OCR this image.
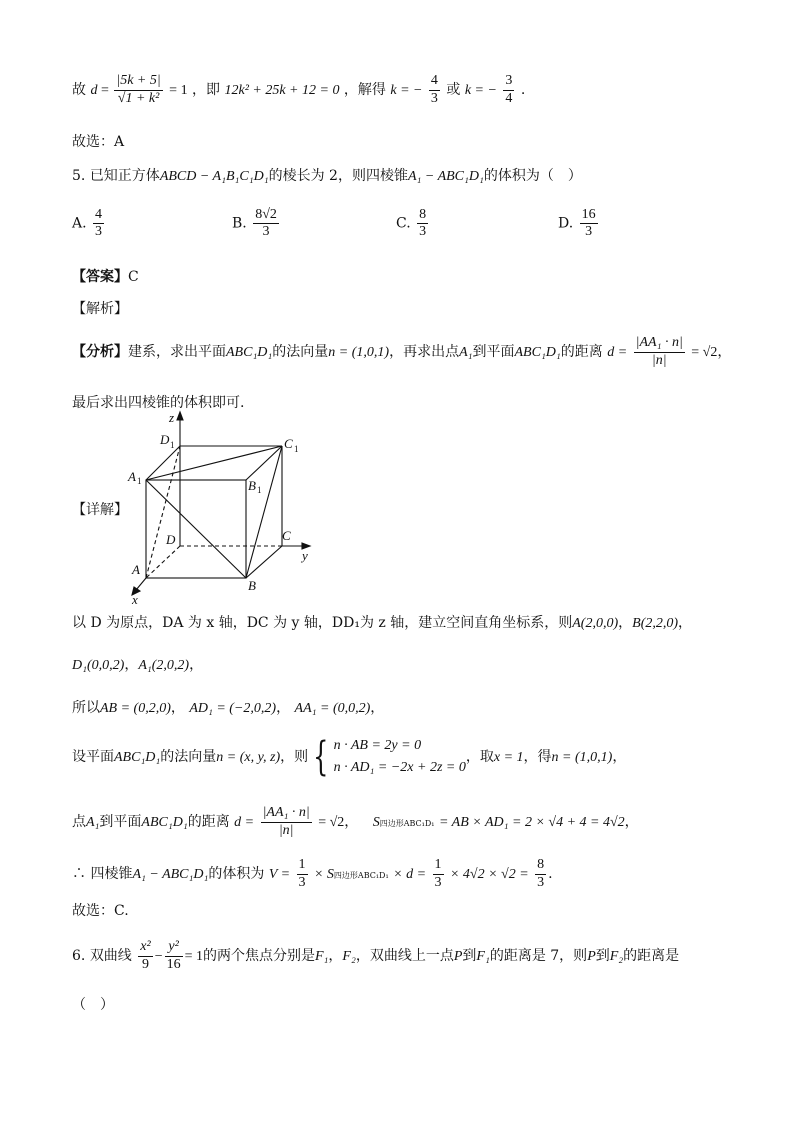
故 $d = \frac{|5k + 5|}{\text{√1 + k²}} = 1$ ，即 12k² + 25k + 12 = 0 ，解得 k = − $\frac{4}{3}$ 或 k = − $\frac{3}{4}$ .
故选：A
5. 已知正方体ABCD − A₁B₁C₁D₁的棱长为 2，则四棱锥A₁ − ABC₁D₁的体积为（　）
A. $\frac{4}{3}$	B. $\frac{8√2}{3}$	C. $\frac{8}{3}$	D. $\frac{16}{3}$
【答案】C
【解析】
【分析】建系，求出平面ABC₁D₁的法向量n = (1,0,1)，再求出点A₁到平面ABC₁D₁的距离 $d = \frac{\text{|AA₁ · n|}}{|n|} = √2$，
最后求出四棱锥的体积即可.
【详解】
z
y
x
D 1	C 1
A 1	B 1
D	C
A
B
以 D 为原点，DA 为 x 轴，DC 为 y 轴，DD₁为 z 轴，建立空间直角坐标系，则A(2,0,0)，B(2,2,0)，
D₁(0,0,2)，A₁(2,0,2)，
所以AB = (0,2,0)， AD₁ = (−2,0,2)， AA₁ = (0,0,2)，
设平面ABC₁D₁的法向量n = (x, y, z)，则 { n · AB = 2y = 0
n · AD₁ = −2x + 2z = 0，取x = 1，得n = (1,0,1)，
点A₁到平面ABC₁D₁的距离 $d = \frac{\text{|AA₁ · n|}}{|n|} = √2$， S四边形ABC₁D₁ = AB × AD₁ = 2 × √4 + 4 = 4√2，
∴ 四棱锥A₁ − ABC₁D₁的体积为 $V = \frac{1}{3} \times S$四边形$ABC_1D_1 \times d = \frac{1}{3} \times 4√2 \times √2 = \frac{8}{3}$ .
故选：C.
6. 双曲线 $\frac{\text{x²}}{9} - \frac{\text{y²}}{16} = 1$的两个焦点分别是F₁，F₂，双曲线上一点P到F₁的距离是 7，则P到F₂的距离是
（　）
